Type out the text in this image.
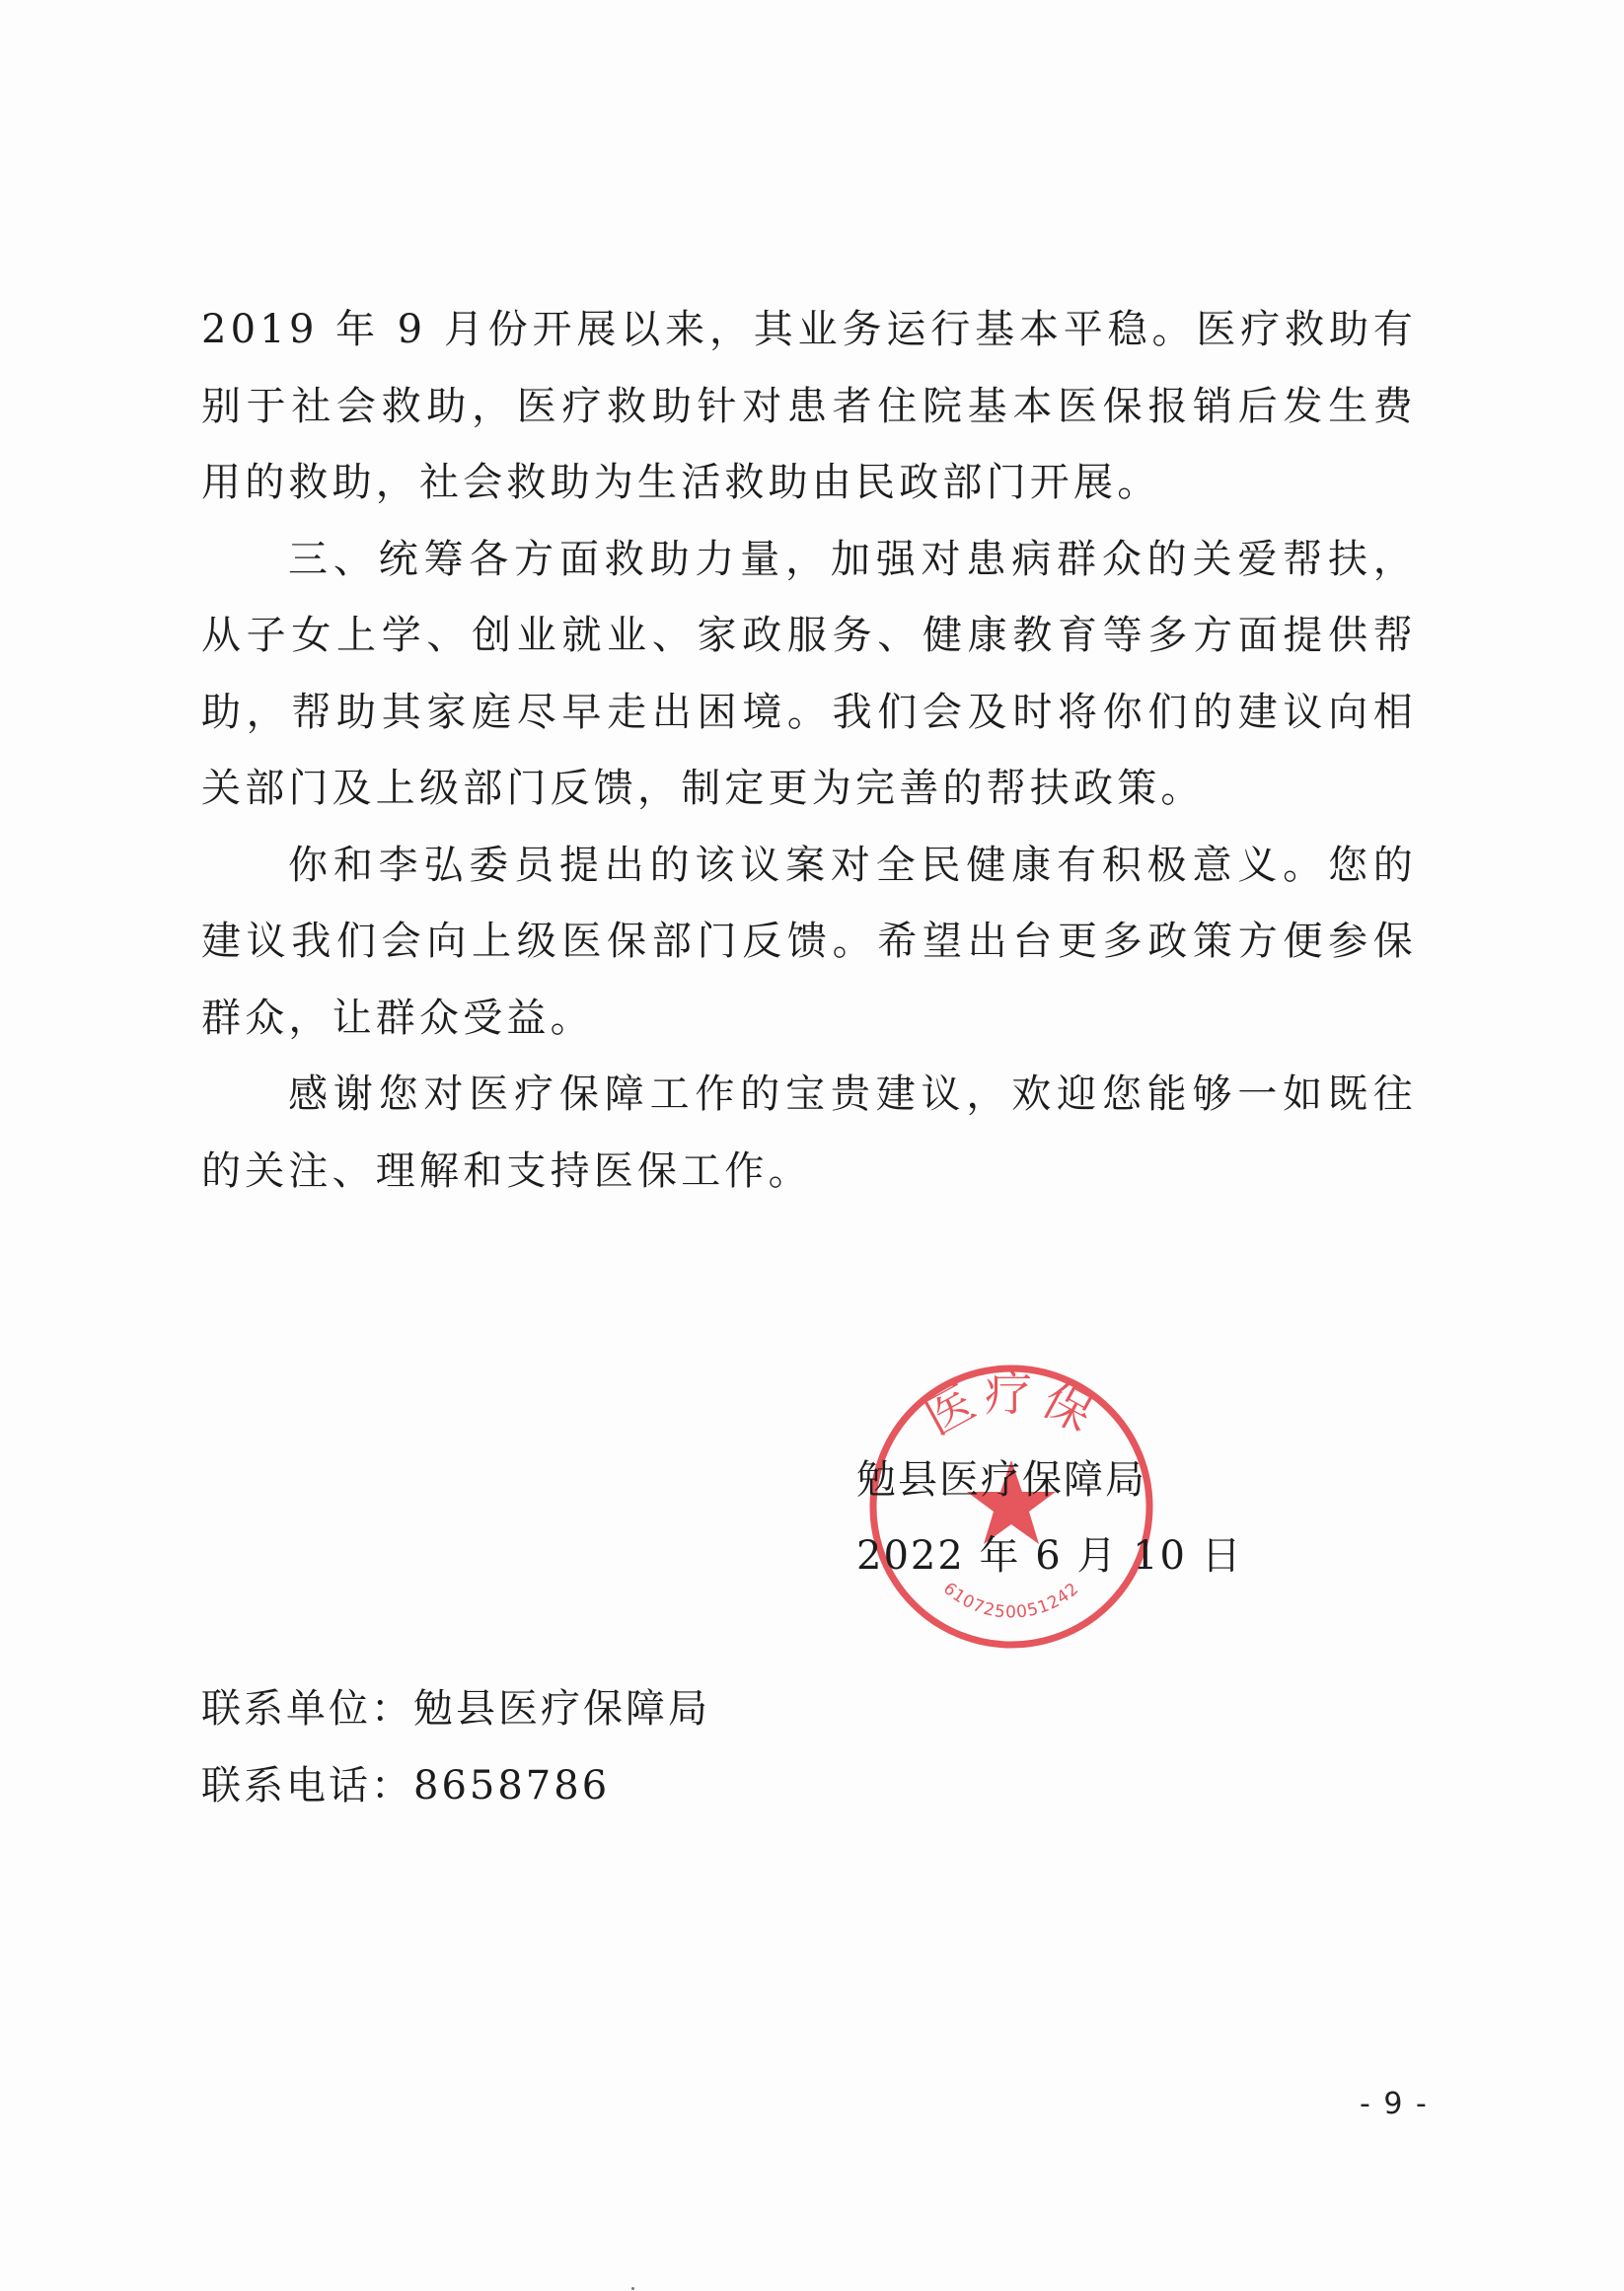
2019 年 9 月份开展以来，其业务运行基本平稳。医疗救助有别于社会救助，医疗救助针对患者住院基本医保报销后发生费用的救助，社会救助为生活救助由民政部门开展。

三、统筹各方面救助力量，加强对患病群众的关爱帮扶，从子女上学、创业就业、家政服务、健康教育等多方面提供帮助，帮助其家庭尽早走出困境。我们会及时将你们的建议向相关部门及上级部门反馈，制定更为完善的帮扶政策。

你和李弘委员提出的该议案对全民健康有积极意义。您的建议我们会向上级医保部门反馈。希望出台更多政策方便参保群众，让群众受益。

感谢您对医疗保障工作的宝贵建议，欢迎您能够一如既往的关注、理解和支持医保工作。

医疗保
6107250051242
勉县医疗保障局
2022 年 6 月 10 日
联系单位：勉县医疗保障局
联系电话：8658786
- 9 -
